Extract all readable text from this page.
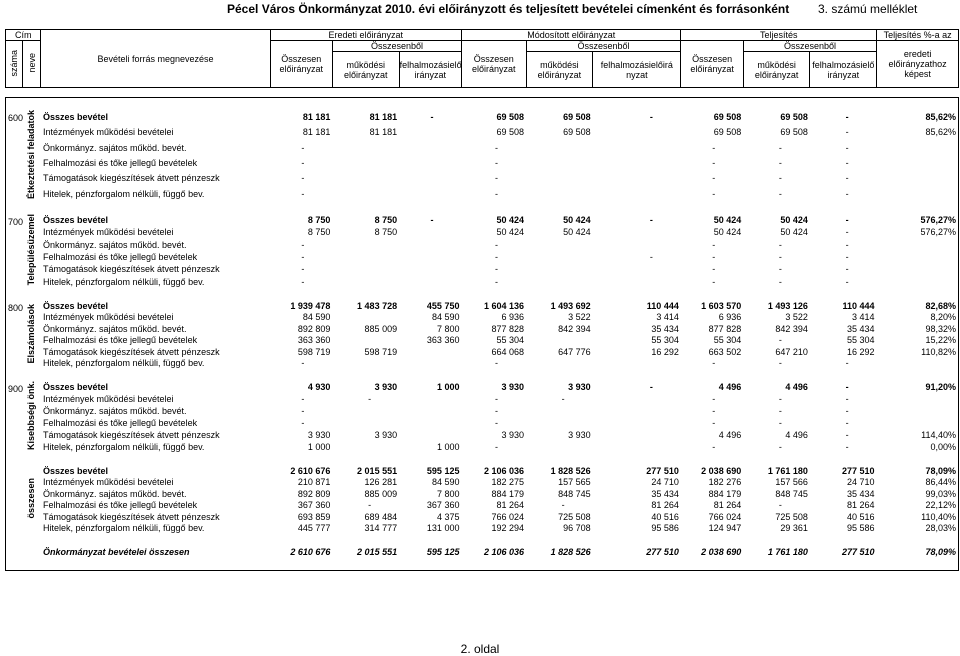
Pécel Város Önkormányzat 2010. évi előirányzott és teljesített bevételei címenként és forrásonként 3. számú melléklet
Cím		Bevételi forrás megnevezése	Eredeti előirányzat			Módosított előirányzat			Teljesítés			Teljesítés %-a az
száma	neve		Összesen előirányzat	Összesenből		Összesen előirányzat	Összesenből		Összesen előirányzat	Összesenből		eredeti előirányzathoz képest
				működési előirányzat	felhalmozásielő irányzat		működési előirányzat	felhalmozásielőirá nyzat		működési előirányzat	felhalmozásielő irányzat	

600	Étkeztetési feladatok	Összes bevétel	81 181	81 181	-	69 508	69 508	-	69 508	69 508	-	85,62%
		Intézmények működési bevételei	81 181	81 181		69 508	69 508		69 508	69 508	-	85,62%
		Önkormányz. sajátos működ. bevét.	-			-			-	-	-	
		Felhalmozási és tőke jellegű bevételek	-			-			-	-	-	
		Támogatások kiegészítések átvett pénzeszk	-			-			-	-	-	
		Hitelek, pénzforgalom nélküli, függő bev.	-			-			-	-	-	

700	Településüzemel	Összes bevétel	8 750	8 750	-	50 424	50 424	-	50 424	50 424	-	576,27%
		Intézmények működési bevételei	8 750	8 750		50 424	50 424		50 424	50 424	-	576,27%
		Önkormányz. sajátos működ. bevét.	-			-			-	-	-	
		Felhalmozási és tőke jellegű bevételek	-			-		-	-	-	-	
		Támogatások kiegészítések átvett pénzeszk	-			-			-	-	-	
		Hitelek, pénzforgalom nélküli, függő bev.	-			-			-	-	-	

800	Elszámolások	Összes bevétel	1 939 478	1 483 728	455 750	1 604 136	1 493 692	110 444	1 603 570	1 493 126	110 444	82,68%
		Intézmények működési bevételei	84 590		84 590	6 936	3 522	3 414	6 936	3 522	3 414	8,20%
		Önkormányz. sajátos működ. bevét.	892 809	885 009	7 800	877 828	842 394	35 434	877 828	842 394	35 434	98,32%
		Felhalmozási és tőke jellegű bevételek	363 360		363 360	55 304		55 304	55 304	-	55 304	15,22%
		Támogatások kiegészítések átvett pénzeszk	598 719	598 719		664 068	647 776	16 292	663 502	647 210	16 292	110,82%
		Hitelek, pénzforgalom nélküli, függő bev.	-			-			-	-	-	

900	Kisebbségi önk.	Összes bevétel	4 930	3 930	1 000	3 930	3 930	-	4 496	4 496	-	91,20%
		Intézmények működési bevételei	-	-		-	-		-	-	-	
		Önkormányz. sajátos működ. bevét.	-			-			-	-	-	
		Felhalmozási és tőke jellegű bevételek	-			-			-	-	-	
		Támogatások kiegészítések átvett pénzeszk	3 930	3 930		3 930	3 930		4 496	4 496	-	114,40%
		Hitelek, pénzforgalom nélküli, függő bev.	1 000		1 000	-			-	-	-	0,00%

	összesen	Összes bevétel	2 610 676	2 015 551	595 125	2 106 036	1 828 526	277 510	2 038 690	1 761 180	277 510	78,09%
		Intézmények működési bevételei	210 871	126 281	84 590	182 275	157 565	24 710	182 276	157 566	24 710	86,44%
		Önkormányz. sajátos működ. bevét.	892 809	885 009	7 800	884 179	848 745	35 434	884 179	848 745	35 434	99,03%
		Felhalmozási és tőke jellegű bevételek	367 360	-	367 360	81 264	-	81 264	81 264	-	81 264	22,12%
		Támogatások kiegészítések átvett pénzeszk	693 859	689 484	4 375	766 024	725 508	40 516	766 024	725 508	40 516	110,40%
		Hitelek, pénzforgalom nélküli, függő bev.	445 777	314 777	131 000	192 294	96 708	95 586	124 947	29 361	95 586	28,03%

		Önkormányzat bevételei összesen	2 610 676	2 015 551	595 125	2 106 036	1 828 526	277 510	2 038 690	1 761 180	277 510	78,09%

2. oldal
